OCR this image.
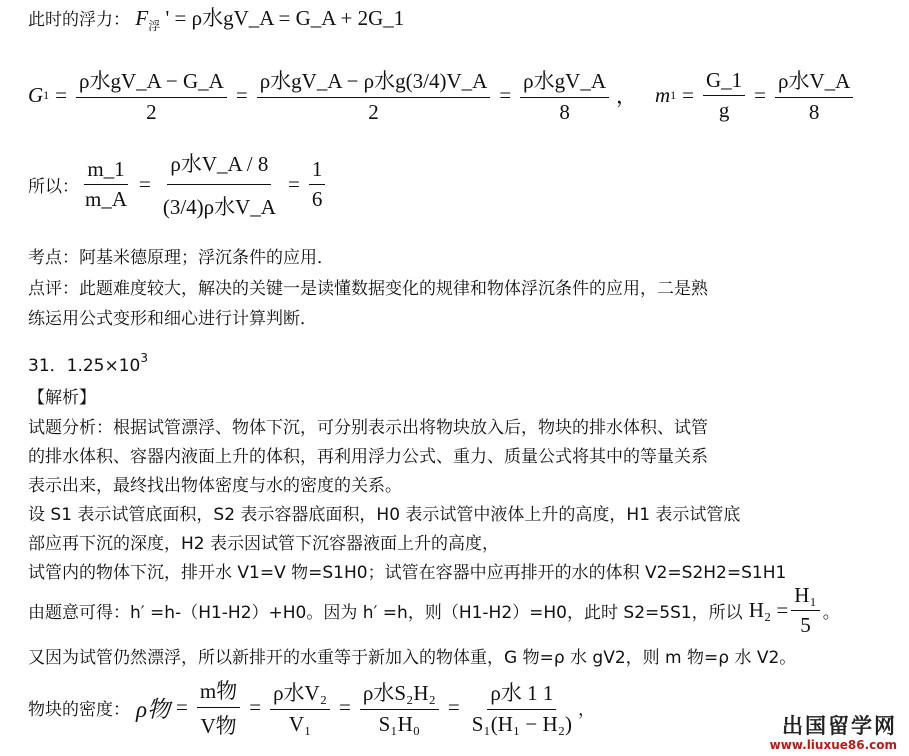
此时的浮力： $F_浮$ ' = ρ水gV_A = G_A + 2G_1
G $1 = \frac{\text{ρ水gV\_A − G\_A}}{2} = \frac{\text{ρ水gV\_A − ρ水g(3/4)V\_A}}{2} = \frac{\text{ρ水gV\_A}}{8}$ ， m $1 = \frac{G\_1}{g} = \frac{\text{ρ水V\_A}}{8}$
所以： $\frac{m\_1}{m\_A} = \frac{\text{ρ水V\_A / 8}}{\text{(3/4)ρ水V\_A}} = \frac{1}{6}$
考点：阿基米德原理；浮沉条件的应用．
点评：此题难度较大，解决的关键一是读懂数据变化的规律和物体浮沉条件的应用，二是熟
练运用公式变形和细心进行计算判断．
31．$1.25\times 10^3$
【解析】
试题分析：根据试管漂浮、物体下沉，可分别表示出将物块放入后，物块的排水体积、试管
的排水体积、容器内液面上升的体积，再利用浮力公式、重力、质量公式将其中的等量关系
表示出来，最终找出物体密度与水的密度的关系。
设 S1 表示试管底面积，S2 表示容器底面积，H0 表示试管中液体上升的高度，H1 表示试管底
部应再下沉的深度，H2 表示因试管下沉容器液面上升的高度，
试管内的物体下沉，排开水 V1=V 物=S1H0；试管在容器中应再排开的水的体积 V2=S2H2=S1H1
由题意可得：h′ =h-（H1-H2）+H0。因为 h′ =h，则（H1-H2）=H0，此时 S2=5S1，所以 $H_2 = \frac{\text{H₁}}{5}$ 。
又因为试管仍然漂浮，所以新排开的水重等于新加入的物体重，G 物=ρ 水 gV2，则 m 物=ρ 水 V2。
物块的密度： ρ物 = $\frac{\text{m物}}{\text{V物}} = \frac{\text{ρ水V₂}}{\text{V₁}} = \frac{\text{ρ水S₂H₂}}{\text{S₁H₀}} = \frac{\text{ρ水 1 1}}{\text{S₁(H₁ − H₂)}}$ ，
出国留学网
www.liuxue86.com
